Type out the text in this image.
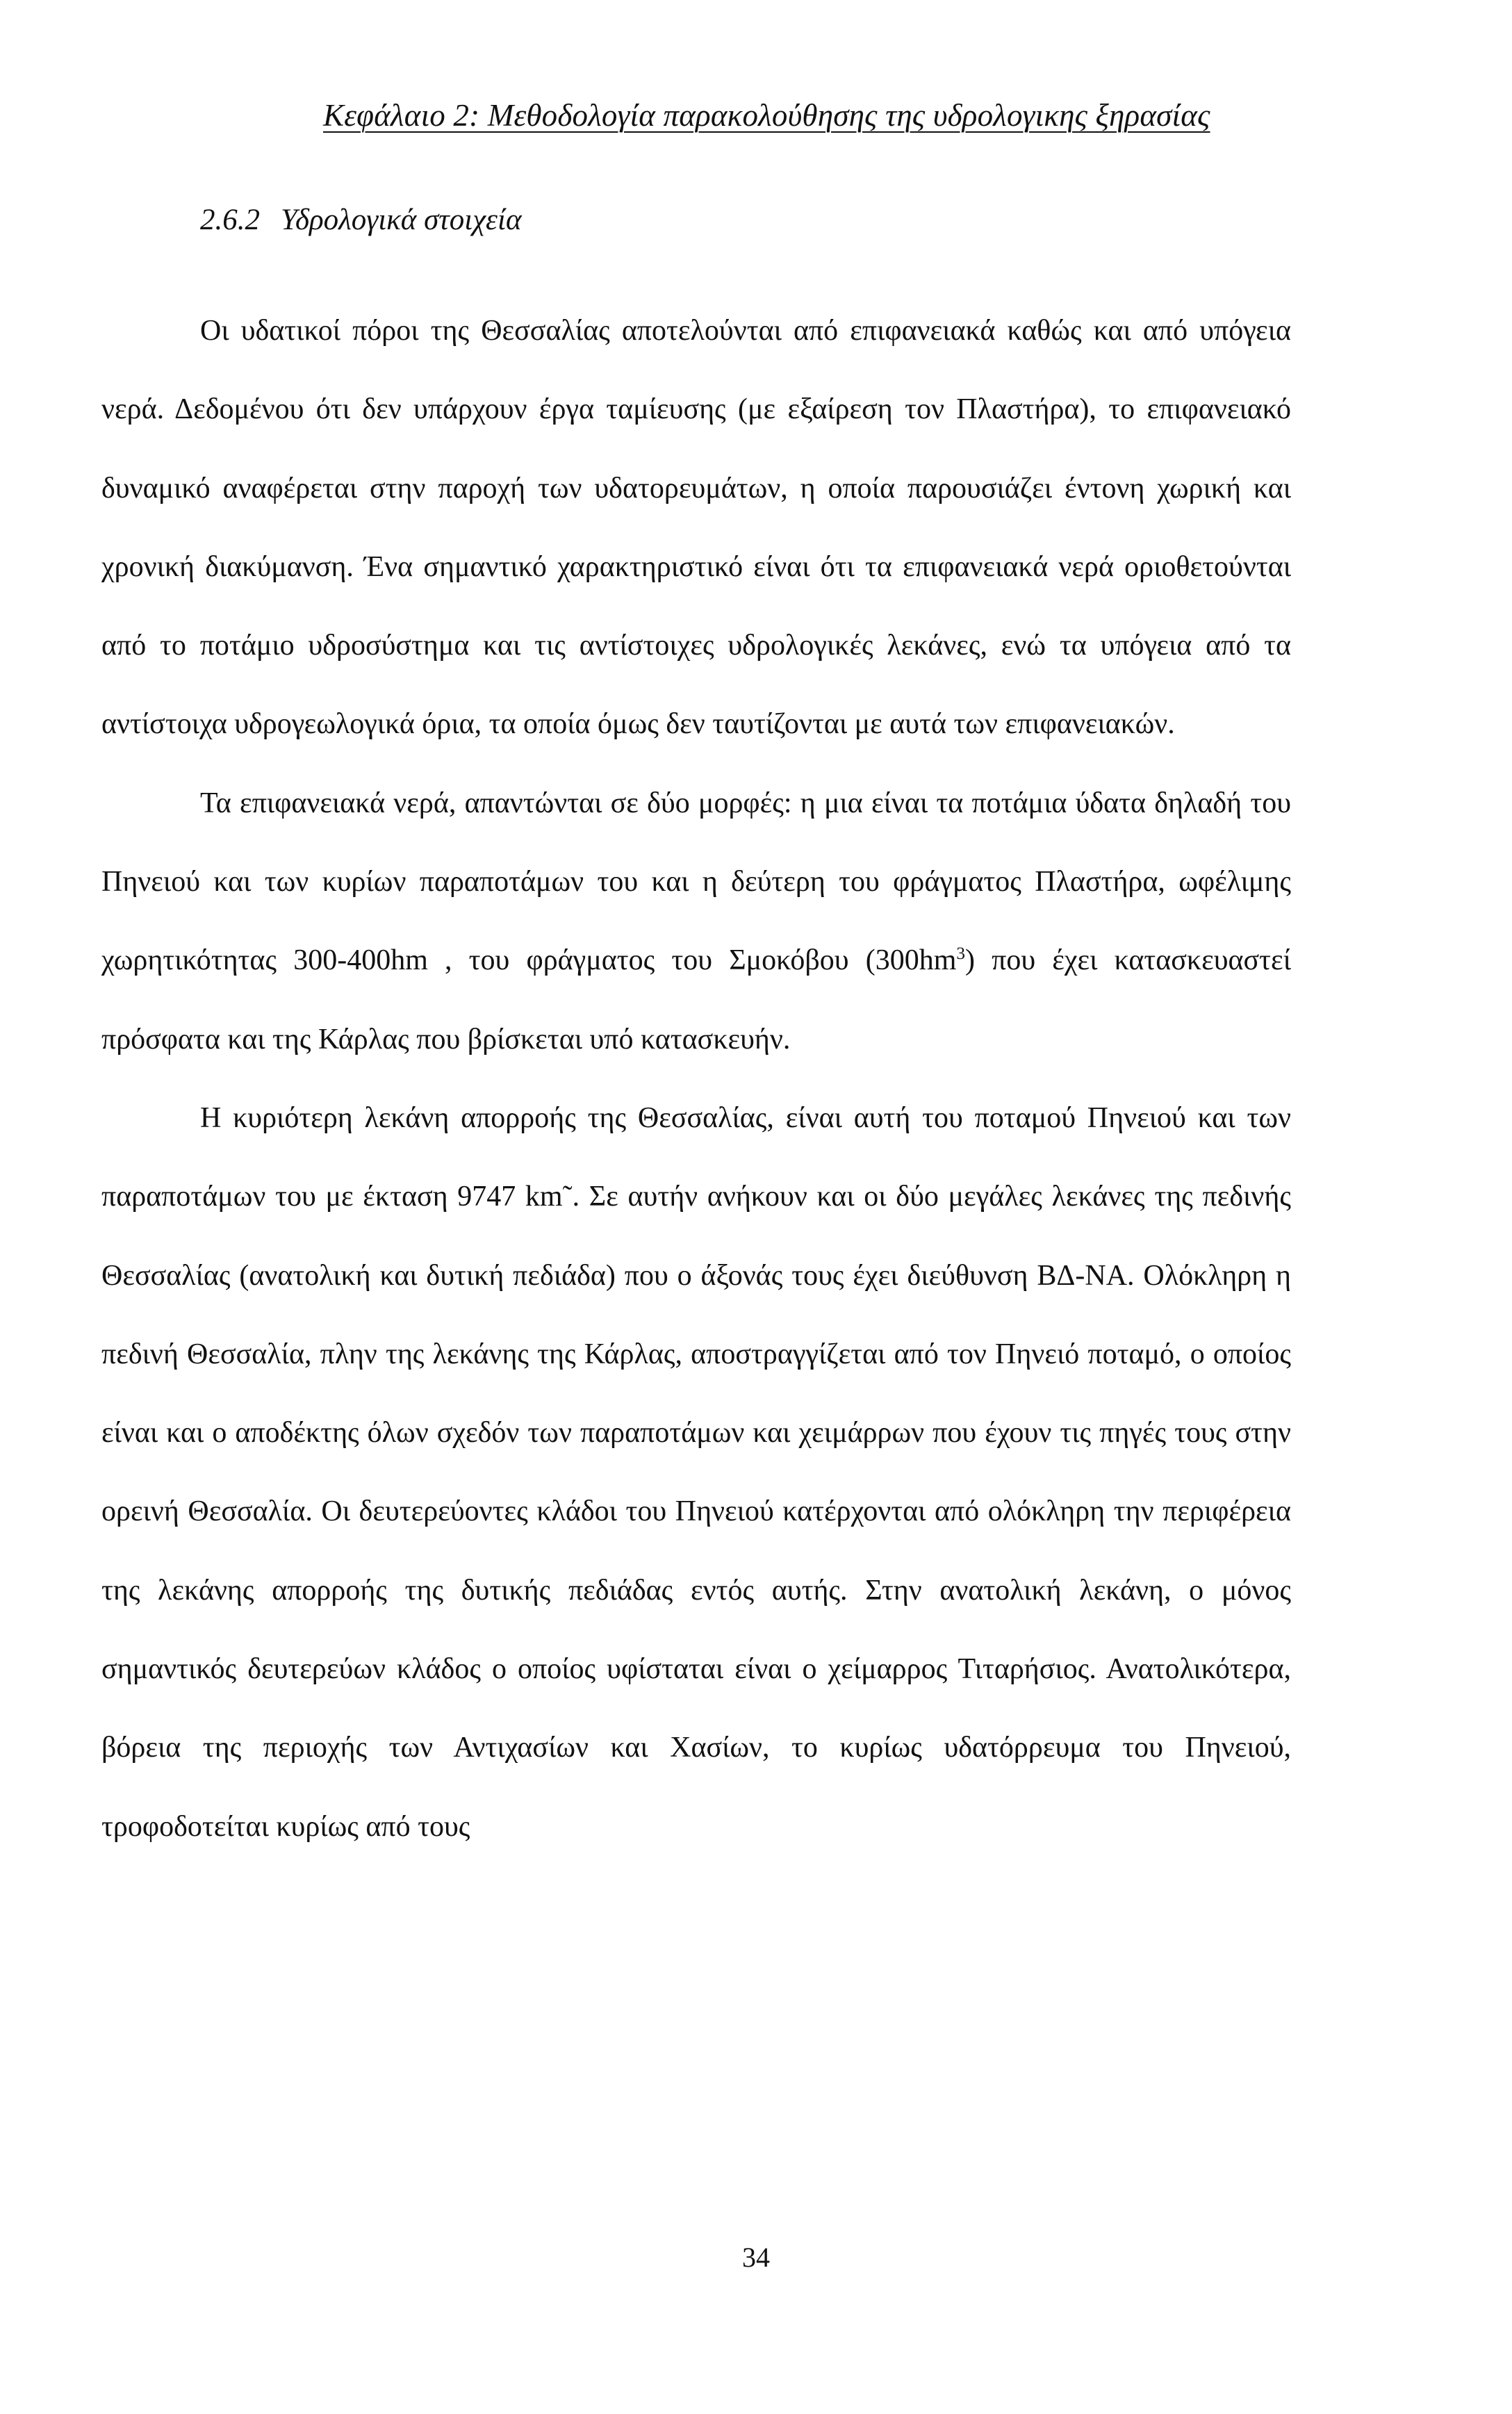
Κεφάλαιο 2: Μεθοδολογία παρακολούθησης της υδρολογικης ξηρασίας
2.6.2 Υδρολογικά στοιχεία

Οι υδατικοί πόροι της Θεσσαλίας αποτελούνται από επιφανειακά καθώς και από υπόγεια νερά. Δεδομένου ότι δεν υπάρχουν έργα ταμίευσης (με εξαίρεση τον Πλαστήρα), το επιφανειακό δυναμικό αναφέρεται στην παροχή των υδατορευμάτων, η οποία παρουσιάζει έντονη χωρική και χρονική διακύμανση. Ένα σημαντικό χαρακτηριστικό είναι ότι τα επιφανειακά νερά οριοθετούνται από το ποτάμιο υδροσύστημα και τις αντίστοιχες υδρολογικές λεκάνες, ενώ τα υπόγεια από τα αντίστοιχα υδρογεωλογικά όρια, τα οποία όμως δεν ταυτίζονται με αυτά των επιφανειακών.

Τα επιφανειακά νερά, απαντώνται σε δύο μορφές: η μια είναι τα ποτάμια ύδατα δηλαδή του Πηνειού και των κυρίων παραποτάμων του και η δεύτερη του φράγματος Πλαστήρα, ωφέλιμης χωρητικότητας 300-400hm , του φράγματος του Σμοκόβου $(300hm^3)$ που έχει κατασκευαστεί πρόσφατα και της Κάρλας που βρίσκεται υπό κατασκευήν.

Η κυριότερη λεκάνη απορροής της Θεσσαλίας, είναι αυτή του ποταμού Πηνειού και των παραποτάμων του με έκταση 9747 km˜. Σε αυτήν ανήκουν και οι δύο μεγάλες λεκάνες της πεδινής Θεσσαλίας (ανατολική και δυτική πεδιάδα) που ο άξονάς τους έχει διεύθυνση ΒΔ-ΝΑ. Ολόκληρη η πεδινή Θεσσαλία, πλην της λεκάνης της Κάρλας, αποστραγγίζεται από τον Πηνειό ποταμό, ο οποίος είναι και ο αποδέκτης όλων σχεδόν των παραποτάμων και χειμάρρων που έχουν τις πηγές τους στην ορεινή Θεσσαλία. Οι δευτερεύοντες κλάδοι του Πηνειού κατέρχονται από ολόκληρη την περιφέρεια της λεκάνης απορροής της δυτικής πεδιάδας εντός αυτής. Στην ανατολική λεκάνη, ο μόνος σημαντικός δευτερεύων κλάδος ο οποίος υφίσταται είναι ο χείμαρρος Τιταρήσιος. Ανατολικότερα, βόρεια της περιοχής των Αντιχασίων και Χασίων, το κυρίως υδατόρρευμα του Πηνειού, τροφοδοτείται κυρίως από τους

34
